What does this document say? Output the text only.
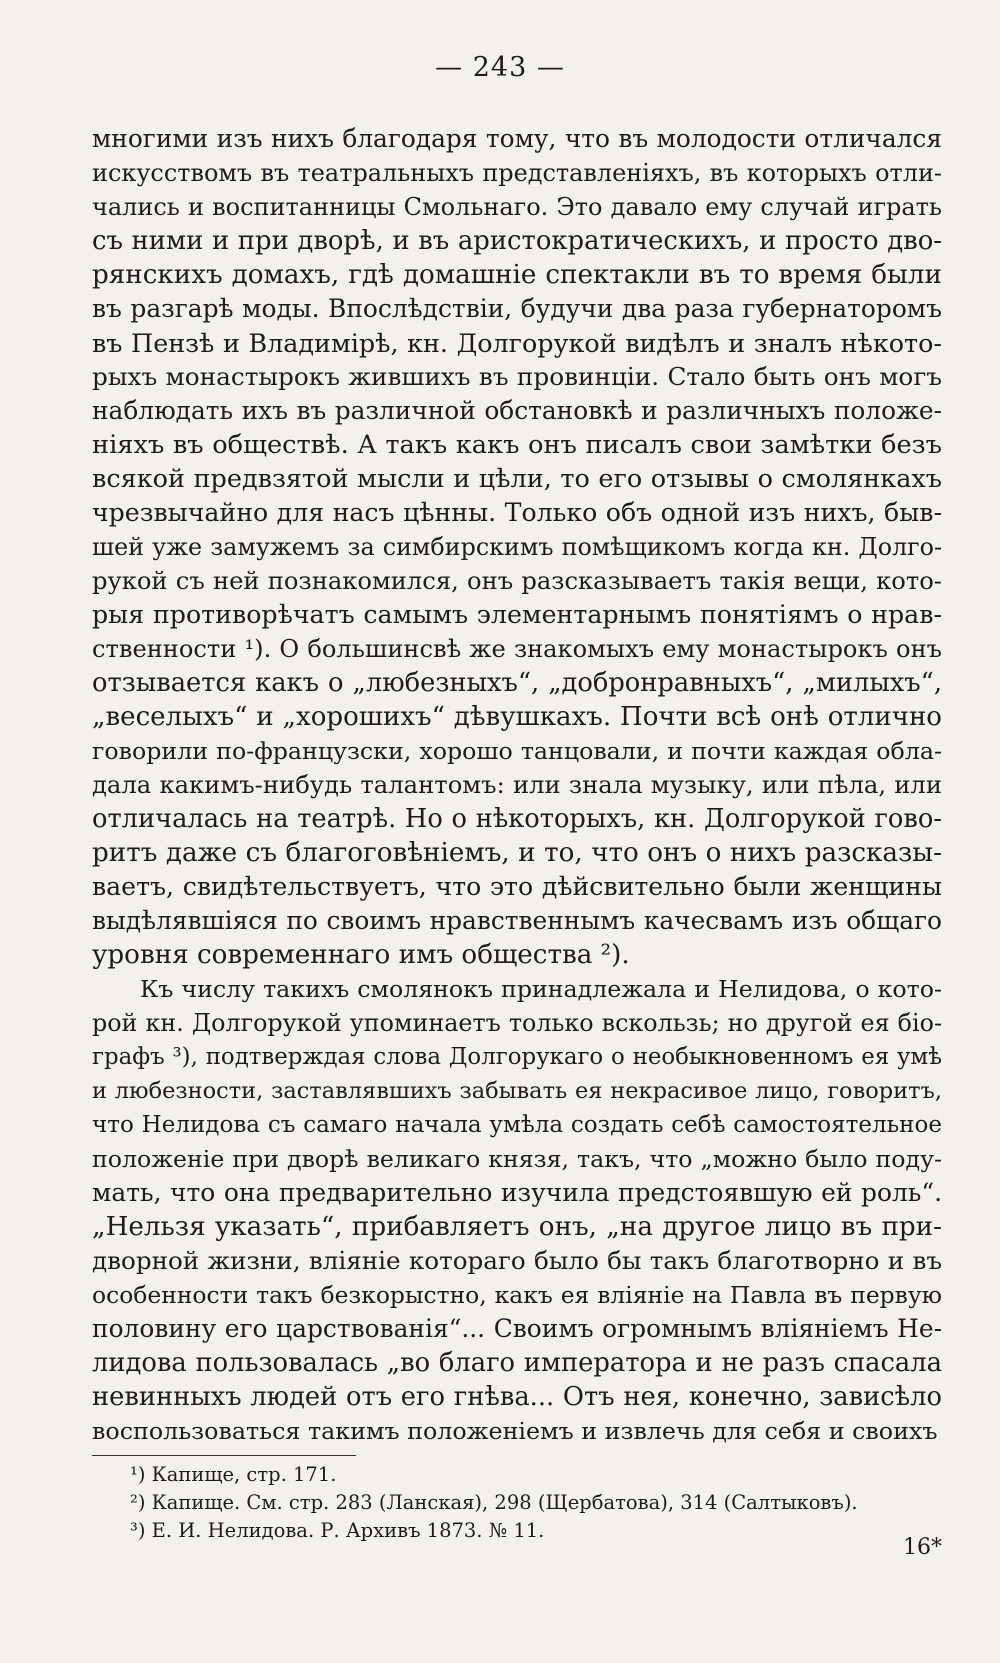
— 243 —
многими изъ нихъ благодаря тому, что въ молодости отличался
искусствомъ въ театральныхъ представленiяхъ, въ которыхъ отли-
чались и воспитанницы Смольнаго. Это давало ему случай играть
съ ними и при дворѣ, и въ аристократическихъ, и просто дво-
рянскихъ домахъ, гдѣ домашнiе спектакли въ то время были
въ разгарѣ моды. Впослѣдствiи, будучи два раза губернаторомъ
въ Пензѣ и Владимiрѣ, кн. Долгорукой видѣлъ и зналъ нѣкото-
рыхъ монастырокъ жившихъ въ провинцiи. Стало быть онъ могъ
наблюдать ихъ въ различной обстановкѣ и различныхъ положе-
нiяхъ въ обществѣ. А такъ какъ онъ писалъ свои замѣтки безъ
всякой предвзятой мысли и цѣли, то его отзывы о смолянкахъ
чрезвычайно для насъ цѣнны. Только объ одной изъ нихъ, быв-
шей уже замужемъ за симбирскимъ помѣщикомъ когда кн. Долго-
рукой съ ней познакомился, онъ разсказываетъ такiя вещи, кото-
рыя противорѣчатъ самымъ элементарнымъ понятiямъ о нрав-
ственности ¹). О большинсвѣ же знакомыхъ ему монастырокъ онъ
отзывается какъ о „любезныхъ“, „добронравныхъ“, „милыхъ“,
„веселыхъ“ и „хорошихъ“ дѣвушкахъ. Почти всѣ онѣ отлично
говорили по-французски, хорошо танцовали, и почти каждая обла-
дала какимъ-нибудь талантомъ: или знала музыку, или пѣла, или
отличалась на театрѣ. Но о нѣкоторыхъ, кн. Долгорукой гово-
ритъ даже съ благоговѣнiемъ, и то, что онъ о нихъ разсказы-
ваетъ, свидѣтельствуетъ, что это дѣйсвительно были женщины
выдѣлявшiяся по своимъ нравственнымъ качесвамъ изъ общаго
уровня современнаго имъ общества ²).
Къ числу такихъ смолянокъ принадлежала и Нелидова, о кото-
рой кн. Долгорукой упоминаетъ только вскользь; но другой ея бiо-
графъ ³), подтверждая слова Долгорукаго о необыкновенномъ ея умѣ
и любезности, заставлявшихъ забывать ея некрасивое лицо, говоритъ,
что Нелидова съ самаго начала умѣла создать себѣ самостоятельное
положенiе при дворѣ великаго князя, такъ, что „можно было поду-
мать, что она предварительно изучила предстоявшую ей роль“.
„Нельзя указать“, прибавляетъ онъ, „на другое лицо въ при-
дворной жизни, влiянiе котораго было бы такъ благотворно и въ
особенности такъ безкорыстно, какъ ея влiянiе на Павла въ первую
половину его царствованiя“... Своимъ огромнымъ влiянiемъ Не-
лидова пользовалась „во благо императора и не разъ спасала
невинныхъ людей отъ его гнѣва... Отъ нея, конечно, зависѣло
воспользоваться такимъ положенiемъ и извлечь для себя и своихъ
¹) Капище, стр. 171.
²) Капище. См. стр. 283 (Ланская), 298 (Щербатова), 314 (Салтыковъ).
³) Е. И. Нелидова. Р. Архивъ 1873. № 11.
16*
